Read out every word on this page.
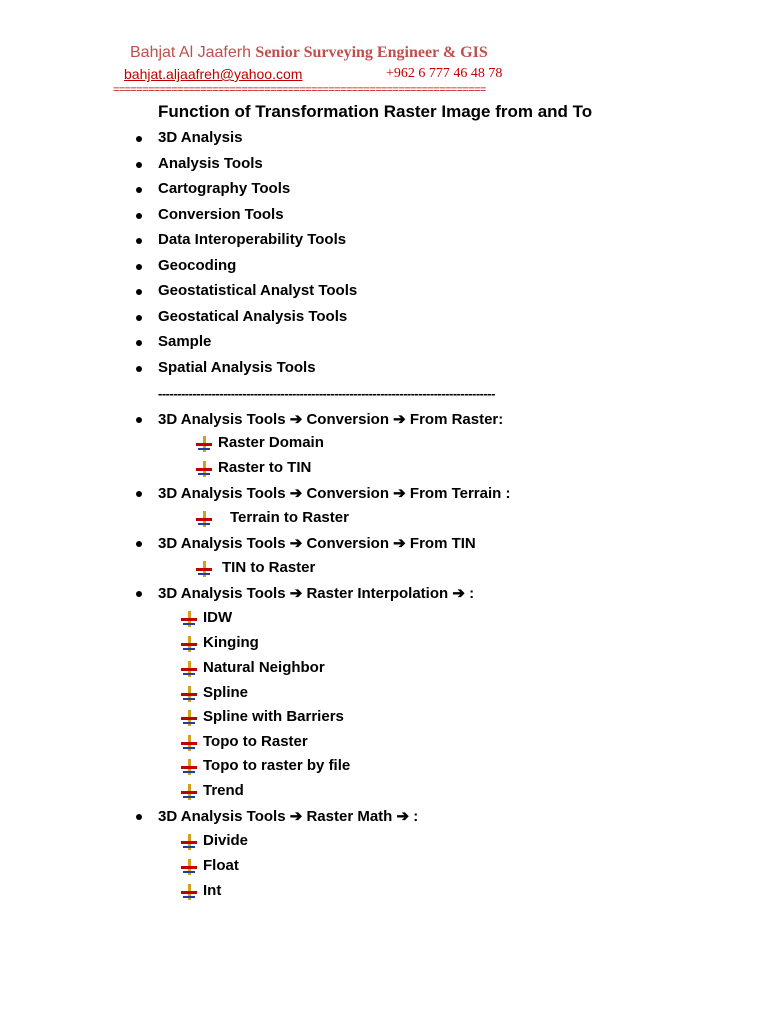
Bahjat Al Jaaferh Senior Surveying Engineer & GIS
bahjat.aljaafreh@yahoo.com	+962 6 777 46 48 78
================================================================
Function of Transformation Raster Image from and To
3D Analysis
Analysis Tools
Cartography Tools
Conversion Tools
Data Interoperability Tools
Geocoding
Geostatistical Analyst Tools
Geostatical Analysis Tools
Sample
Spatial Analysis Tools
----------------------------------------------------------------------------------------
3D Analysis Tools ➔ Conversion ➔ From Raster:
Raster Domain
Raster to TIN
3D Analysis Tools ➔ Conversion ➔ From Terrain :
Terrain to Raster
3D Analysis Tools ➔ Conversion ➔ From TIN
TIN to Raster
3D Analysis Tools ➔ Raster Interpolation ➔ :
IDW
Kinging
Natural Neighbor
Spline
Spline with Barriers
Topo to Raster
Topo to raster by file
Trend
3D Analysis Tools ➔ Raster Math ➔ :
Divide
Float
Int
